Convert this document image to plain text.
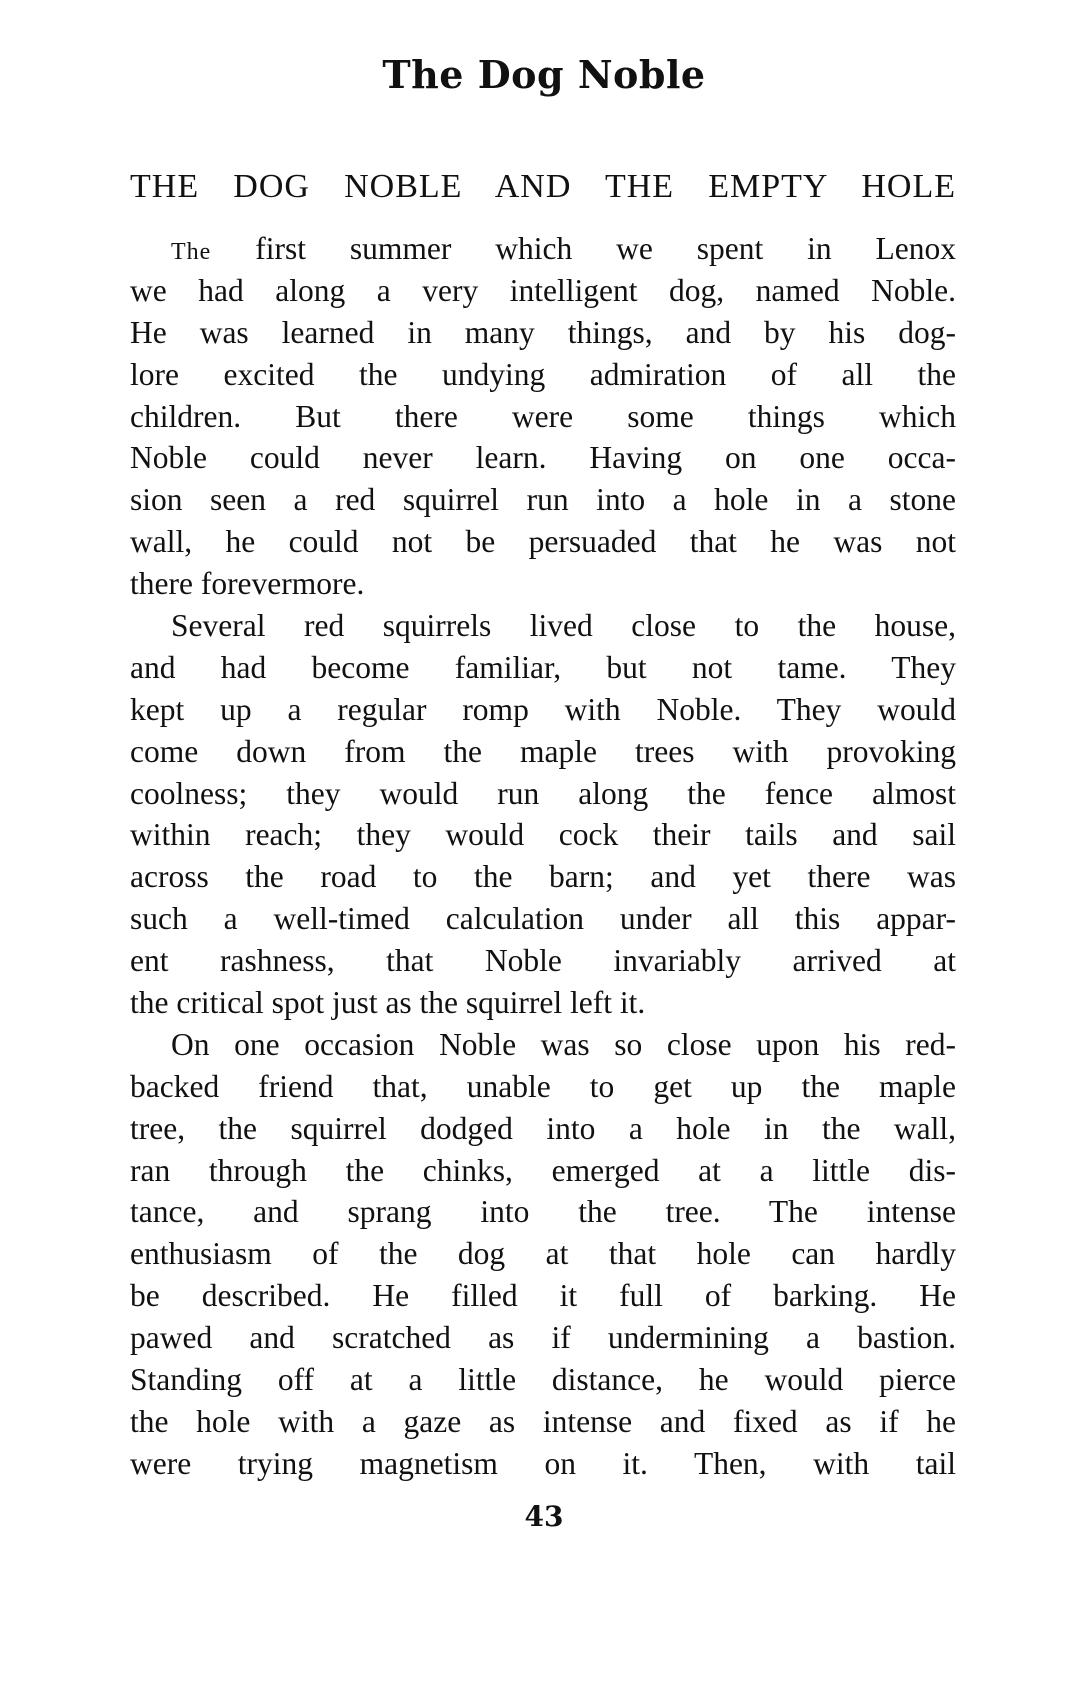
The Dog Noble
THE DOG NOBLE AND THE EMPTY HOLE
The first summer which we spent in Lenox
we had along a very intelligent dog, named Noble.
He was learned in many things, and by his dog-
lore excited the undying admiration of all the
children. But there were some things which
Noble could never learn. Having on one occa-
sion seen a red squirrel run into a hole in a stone
wall, he could not be persuaded that he was not
there forevermore.
Several red squirrels lived close to the house,
and had become familiar, but not tame. They
kept up a regular romp with Noble. They would
come down from the maple trees with provoking
coolness; they would run along the fence almost
within reach; they would cock their tails and sail
across the road to the barn; and yet there was
such a well-timed calculation under all this appar-
ent rashness, that Noble invariably arrived at
the critical spot just as the squirrel left it.
On one occasion Noble was so close upon his red-
backed friend that, unable to get up the maple
tree, the squirrel dodged into a hole in the wall,
ran through the chinks, emerged at a little dis-
tance, and sprang into the tree. The intense
enthusiasm of the dog at that hole can hardly
be described. He filled it full of barking. He
pawed and scratched as if undermining a bastion.
Standing off at a little distance, he would pierce
the hole with a gaze as intense and fixed as if he
were trying magnetism on it. Then, with tail
43
